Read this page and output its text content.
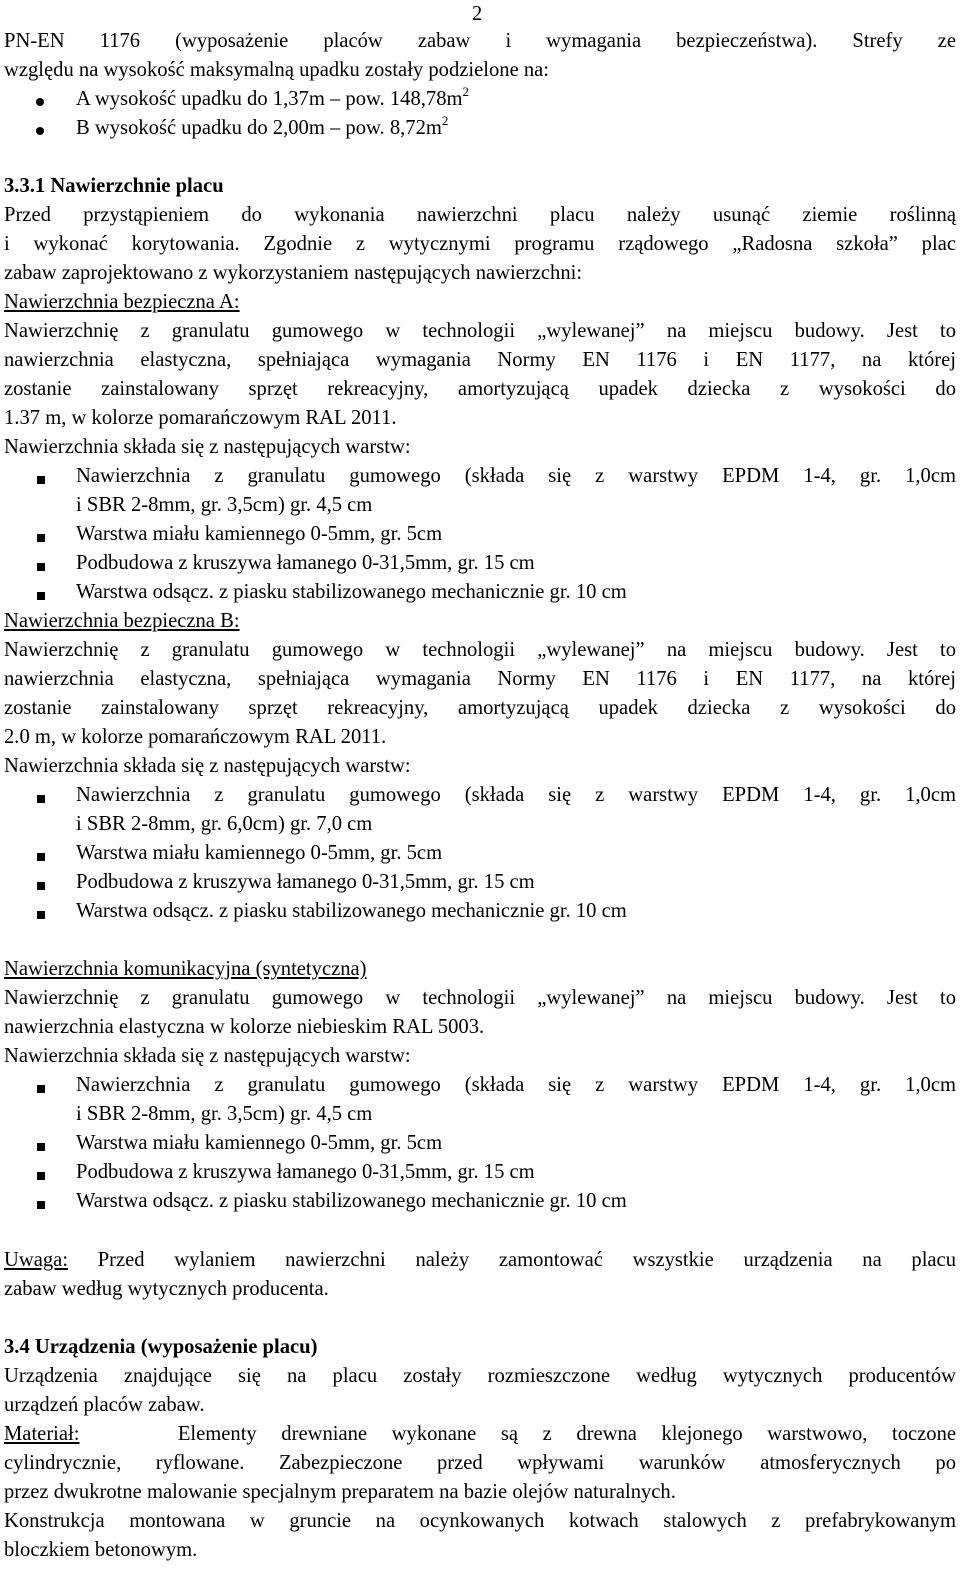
2
PN-EN 1176 (wyposażenie placów zabaw i wymagania bezpieczeństwa). Strefy ze
względu na wysokość maksymalną upadku zostały podzielone na:
A wysokość upadku do 1,37m – pow. $148,78m^2$
B wysokość upadku do 2,00m – pow. $8,72m^2$
3.3.1 Nawierzchnie placu
Przed przystąpieniem do wykonania nawierzchni placu należy usunąć ziemie roślinną
i wykonać korytowania. Zgodnie z wytycznymi programu rządowego „Radosna szkoła” plac
zabaw zaprojektowano z wykorzystaniem następujących nawierzchni:
Nawierzchnia bezpieczna A:
Nawierzchnię z granulatu gumowego w technologii „wylewanej” na miejscu budowy. Jest to
nawierzchnia elastyczna, spełniająca wymagania Normy EN 1176 i EN 1177, na której
zostanie zainstalowany sprzęt rekreacyjny, amortyzującą upadek dziecka z wysokości do
1.37 m, w kolorze pomarańczowym RAL 2011.
Nawierzchnia składa się z następujących warstw:
Nawierzchnia z granulatu gumowego (składa się z warstwy EPDM 1-4, gr. 1,0cm
i SBR 2-8mm, gr. 3,5cm) gr. 4,5 cm
Warstwa miału kamiennego 0-5mm, gr. 5cm
Podbudowa z kruszywa łamanego 0-31,5mm, gr. 15 cm
Warstwa odsącz. z piasku stabilizowanego mechanicznie gr. 10 cm
Nawierzchnia bezpieczna B:
Nawierzchnię z granulatu gumowego w technologii „wylewanej” na miejscu budowy. Jest to
nawierzchnia elastyczna, spełniająca wymagania Normy EN 1176 i EN 1177, na której
zostanie zainstalowany sprzęt rekreacyjny, amortyzującą upadek dziecka z wysokości do
2.0 m, w kolorze pomarańczowym RAL 2011.
Nawierzchnia składa się z następujących warstw:
Nawierzchnia z granulatu gumowego (składa się z warstwy EPDM 1-4, gr. 1,0cm
i SBR 2-8mm, gr. 6,0cm) gr. 7,0 cm
Warstwa miału kamiennego 0-5mm, gr. 5cm
Podbudowa z kruszywa łamanego 0-31,5mm, gr. 15 cm
Warstwa odsącz. z piasku stabilizowanego mechanicznie gr. 10 cm
Nawierzchnia komunikacyjna (syntetyczna)
Nawierzchnię z granulatu gumowego w technologii „wylewanej” na miejscu budowy. Jest to
nawierzchnia elastyczna w kolorze niebieskim RAL 5003.
Nawierzchnia składa się z następujących warstw:
Nawierzchnia z granulatu gumowego (składa się z warstwy EPDM 1-4, gr. 1,0cm
i SBR 2-8mm, gr. 3,5cm) gr. 4,5 cm
Warstwa miału kamiennego 0-5mm, gr. 5cm
Podbudowa z kruszywa łamanego 0-31,5mm, gr. 15 cm
Warstwa odsącz. z piasku stabilizowanego mechanicznie gr. 10 cm
Uwaga: Przed wylaniem nawierzchni należy zamontować wszystkie urządzenia na placu
zabaw według wytycznych producenta.
3.4 Urządzenia (wyposażenie placu)
Urządzenia znajdujące się na placu zostały rozmieszczone według wytycznych producentów
urządzeń placów zabaw.
Materiał:	Elementy drewniane wykonane są z drewna klejonego warstwowo, toczone
cylindrycznie, ryflowane. Zabezpieczone przed wpływami warunków atmosferycznych po
przez dwukrotne malowanie specjalnym preparatem na bazie olejów naturalnych.
Konstrukcja montowana w gruncie na ocynkowanych kotwach stalowych z prefabrykowanym
bloczkiem betonowym.
